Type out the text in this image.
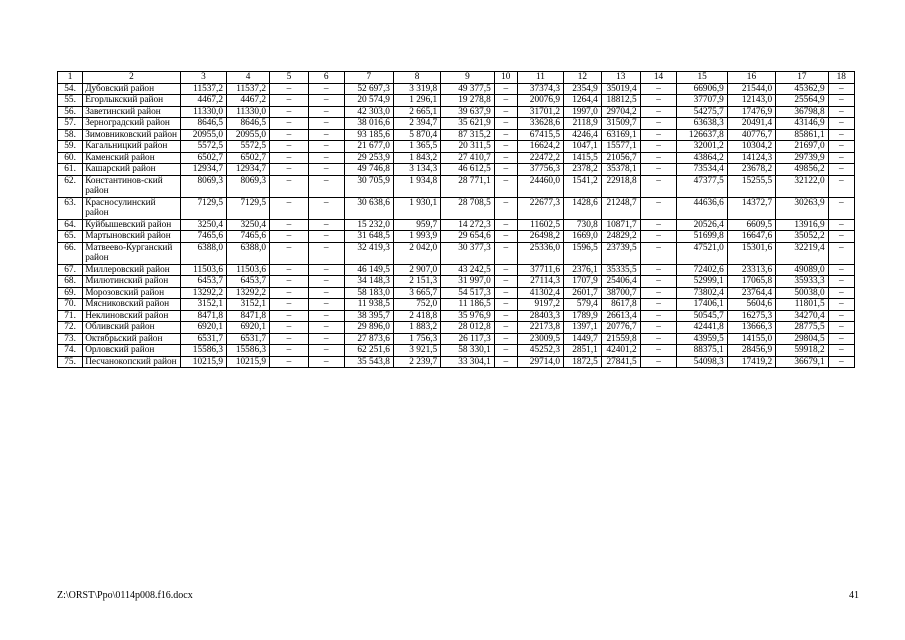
1	2	3	4	5	6	7	8	9	10	11	12	13	14	15	16	17	18
54.	Дубовский район	11537,2	11537,2	–	–	52 697,3	3 319,8	49 377,5	–	37374,3	2354,9	35019,4	–	66906,9	21544,0	45362,9	–
55.	Егорлыкский район	4467,2	4467,2	–	–	20 574,9	1 296,1	19 278,8	–	20076,9	1264,4	18812,5	–	37707,9	12143,0	25564,9	–
56.	Заветинский район	11330,0	11330,0	–	–	42 303,0	2 665,1	39 637,9	–	31701,2	1997,0	29704,2	–	54275,7	17476,9	36798,8	–
57.	Зерноградский район	8646,5	8646,5	–	–	38 016,6	2 394,7	35 621,9	–	33628,6	2118,9	31509,7	–	63638,3	20491,4	43146,9	–
58.	Зимовниковский район	20955,0	20955,0	–	–	93 185,6	5 870,4	87 315,2	–	67415,5	4246,4	63169,1	–	126637,8	40776,7	85861,1	–
59.	Кагальницкий район	5572,5	5572,5	–	–	21 677,0	1 365,5	20 311,5	–	16624,2	1047,1	15577,1	–	32001,2	10304,2	21697,0	–
60.	Каменский район	6502,7	6502,7	–	–	29 253,9	1 843,2	27 410,7	–	22472,2	1415,5	21056,7	–	43864,2	14124,3	29739,9	–
61.	Кашарский район	12934,7	12934,7	–	–	49 746,8	3 134,3	46 612,5	–	37756,3	2378,2	35378,1	–	73534,4	23678,2	49856,2	–
62.	Константинов-ский район	8069,3	8069,3	–	–	30 705,9	1 934,8	28 771,1	–	24460,0	1541,2	22918,8	–	47377,5	15255,5	32122,0	–
63.	Красносулинский район	7129,5	7129,5	–	–	30 638,6	1 930,1	28 708,5	–	22677,3	1428,6	21248,7	–	44636,6	14372,7	30263,9	–
64.	Куйбышевский район	3250,4	3250,4	–	–	15 232,0	959,7	14 272,3	–	11602,5	730,8	10871,7	–	20526,4	6609,5	13916,9	–
65.	Мартыновский район	7465,6	7465,6	–	–	31 648,5	1 993,9	29 654,6	–	26498,2	1669,0	24829,2	–	51699,8	16647,6	35052,2	–
66.	Матвеево-Курганский район	6388,0	6388,0	–	–	32 419,3	2 042,0	30 377,3	–	25336,0	1596,5	23739,5	–	47521,0	15301,6	32219,4	–
67.	Миллеровский район	11503,6	11503,6	–	–	46 149,5	2 907,0	43 242,5	–	37711,6	2376,1	35335,5	–	72402,6	23313,6	49089,0	–
68.	Милютинский район	6453,7	6453,7	–	–	34 148,3	2 151,3	31 997,0	–	27114,3	1707,9	25406,4	–	52999,1	17065,8	35933,3	–
69.	Морозовский район	13292,2	13292,2	–	–	58 183,0	3 665,7	54 517,3	–	41302,4	2601,7	38700,7	–	73802,4	23764,4	50038,0	–
70.	Мясниковский район	3152,1	3152,1	–	–	11 938,5	752,0	11 186,5	–	9197,2	579,4	8617,8	–	17406,1	5604,6	11801,5	–
71.	Неклиновский район	8471,8	8471,8	–	–	38 395,7	2 418,8	35 976,9	–	28403,3	1789,9	26613,4	–	50545,7	16275,3	34270,4	–
72.	Обливский район	6920,1	6920,1	–	–	29 896,0	1 883,2	28 012,8	–	22173,8	1397,1	20776,7	–	42441,8	13666,3	28775,5	–
73.	Октябрьский район	6531,7	6531,7	–	–	27 873,6	1 756,3	26 117,3	–	23009,5	1449,7	21559,8	–	43959,5	14155,0	29804,5	–
74.	Орловский район	15586,3	15586,3	–	–	62 251,6	3 921,5	58 330,1	–	45252,3	2851,1	42401,2	–	88375,1	28456,9	59918,2	–
75.	Песчанокопский район	10215,9	10215,9	–	–	35 543,8	2 239,7	33 304,1	–	29714,0	1872,5	27841,5	–	54098,3	17419,2	36679,1	–
Z:\ORST\Ppo\0114p008.f16.docx	41
